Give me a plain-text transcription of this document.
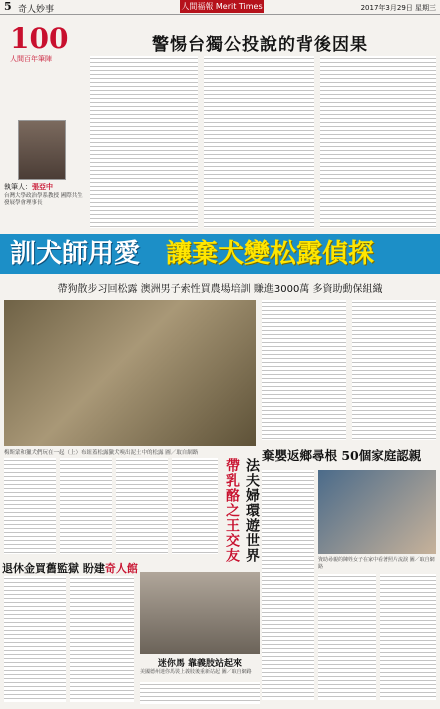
5 奇人妙事	人間福報 Merit Times	2017年3月29日 星期三
100
人間百年筆陣
警惕台獨公投說的背後因果
執筆人：張亞中
台灣大學政治學系教授 國際共生發展學會理事長
訓犬師用愛 讓棄犬變松露偵探
帶狗散步习回松露 澳洲男子索性買農場培訓 賺進3000萬 多資助動保組織
梅斯蒙和獵犬們玩在一起（上）布紐蓋松露獵犬嗅出泥土中的松露 圖／取自網路
法夫婦環遊世界
帶乳酪之王交友
棄嬰返鄉尋根 50個家庭認親
資助尋親的陳姓女子在家中看著照片流淚 圖／取自網路
退休金買舊監獄 盼建奇人館
迷你馬 靠義肢站起來
美國德州迷你馬裝上義肢後重新站起 圖／取自網路
